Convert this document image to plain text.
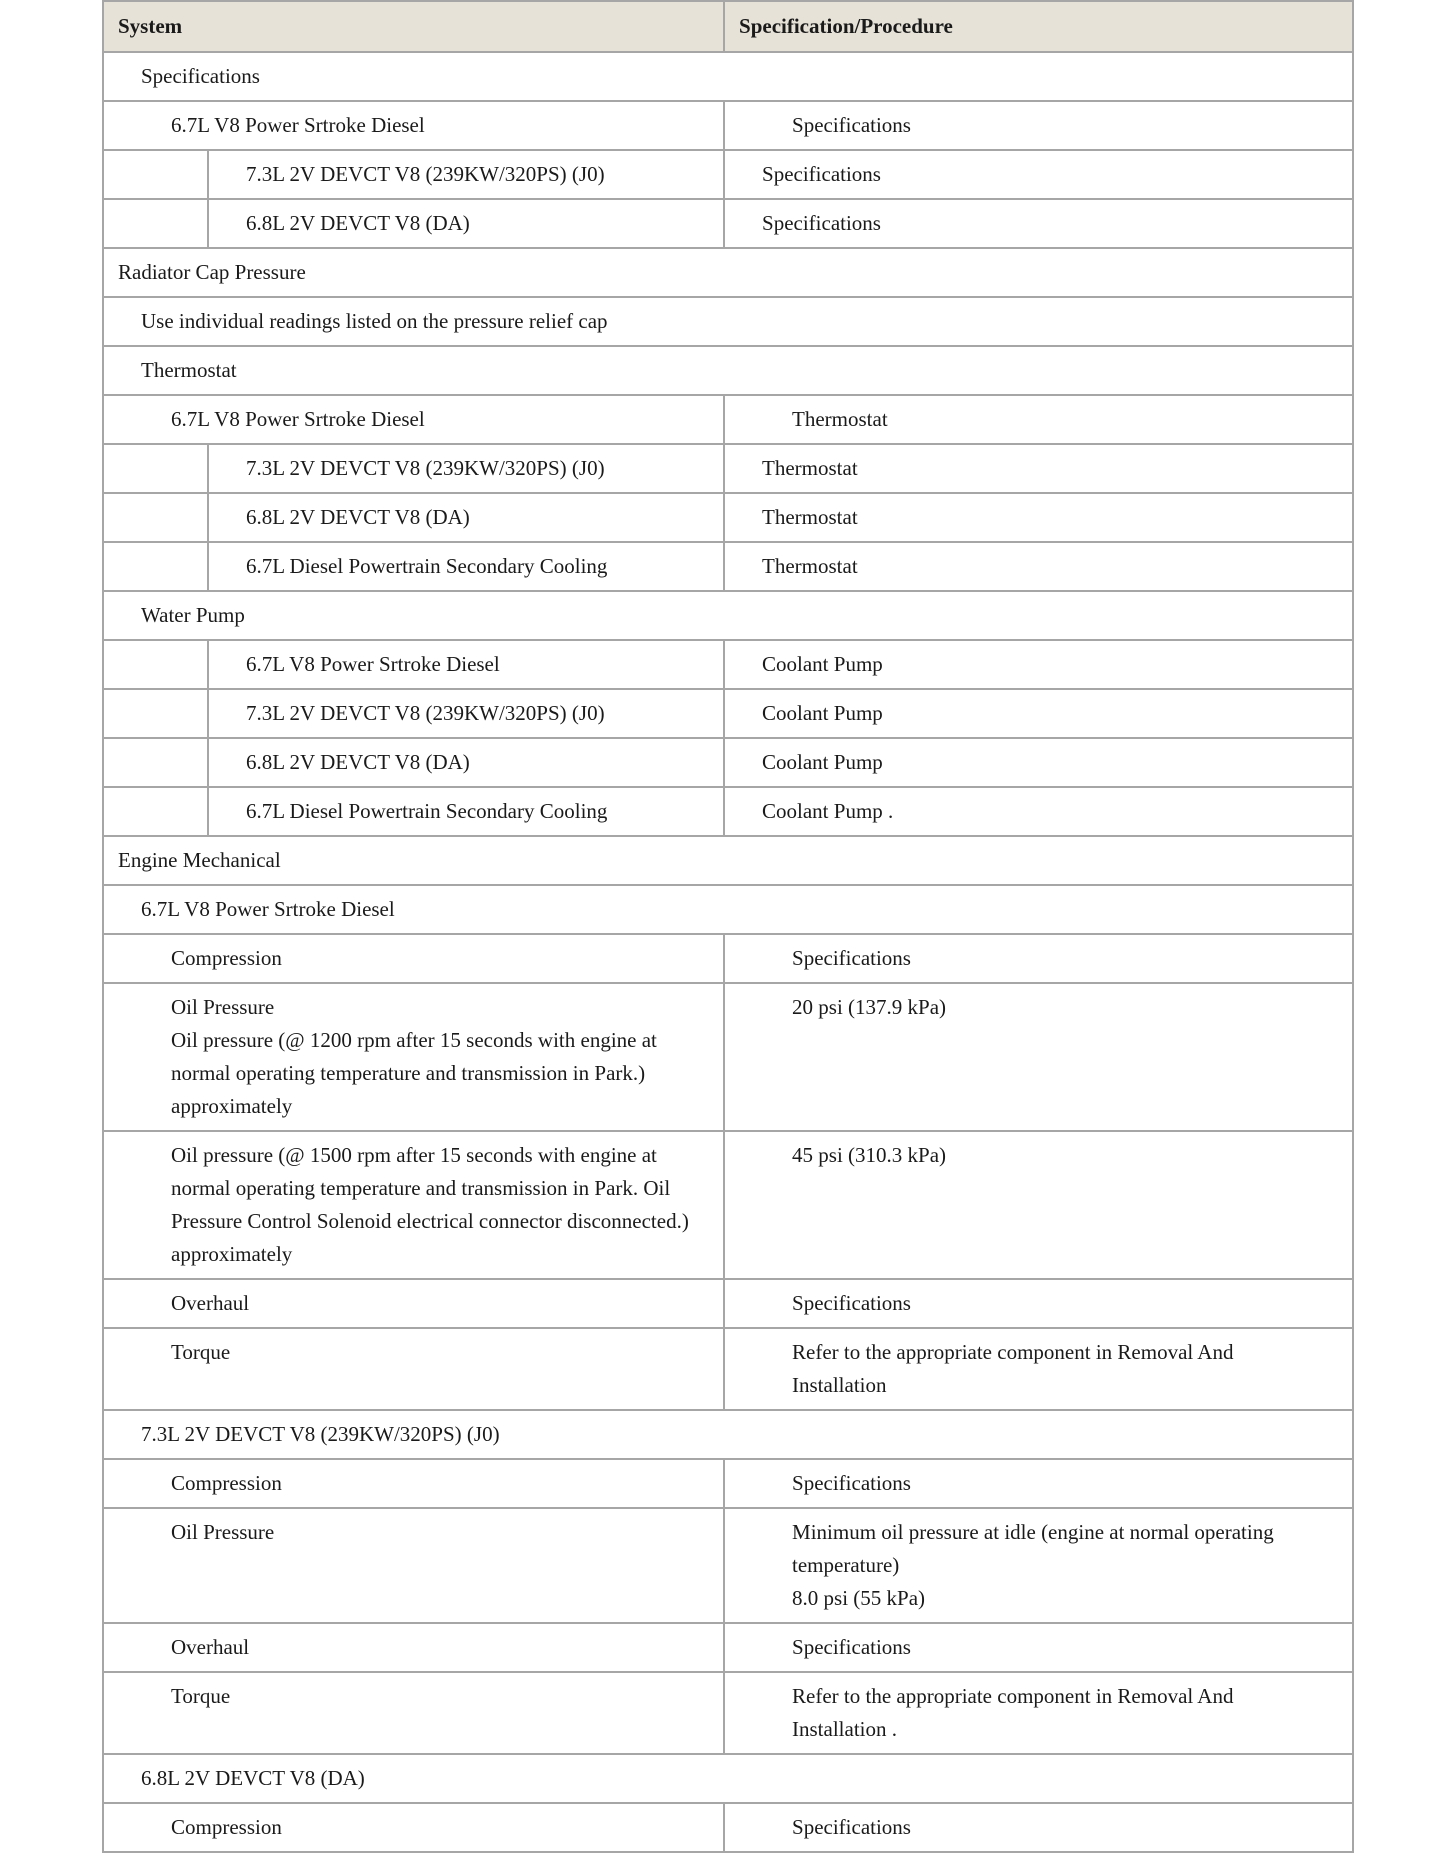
System		Specification/Procedure
Specifications		
6.7L V8 Power Srtroke Diesel		Specifications
	7.3L 2V DEVCT V8 (239KW/320PS) (J0)	Specifications
	6.8L 2V DEVCT V8 (DA)	Specifications
Radiator Cap Pressure		
Use individual readings listed on the pressure relief cap		
Thermostat		
6.7L V8 Power Srtroke Diesel		Thermostat
	7.3L 2V DEVCT V8 (239KW/320PS) (J0)	Thermostat
	6.8L 2V DEVCT V8 (DA)	Thermostat
	6.7L Diesel Powertrain Secondary Cooling	Thermostat
Water Pump		
	6.7L V8 Power Srtroke Diesel	Coolant Pump
	7.3L 2V DEVCT V8 (239KW/320PS) (J0)	Coolant Pump
	6.8L 2V DEVCT V8 (DA)	Coolant Pump
	6.7L Diesel Powertrain Secondary Cooling	Coolant Pump .
Engine Mechanical		
6.7L V8 Power Srtroke Diesel		
Compression		Specifications

Oil Pressure
Oil pressure (@ 1200 rpm after 15 seconds with engine at
normal operating temperature and transmission in Park.)
approximately		20 psi (137.9 kPa)

Oil pressure (@ 1500 rpm after 15 seconds with engine at
normal operating temperature and transmission in Park. Oil
Pressure Control Solenoid electrical connector disconnected.)
approximately		45 psi (310.3 kPa)
Overhaul		Specifications
Torque		Refer to the appropriate component in Removal And
Installation

7.3L 2V DEVCT V8 (239KW/320PS) (J0)		
Compression		Specifications
Oil Pressure		Minimum oil pressure at idle (engine at normal operating
temperature)
8.0 psi (55 kPa)

Overhaul		Specifications
Torque		Refer to the appropriate component in Removal And
Installation .

6.8L 2V DEVCT V8 (DA)		
Compression		Specifications
